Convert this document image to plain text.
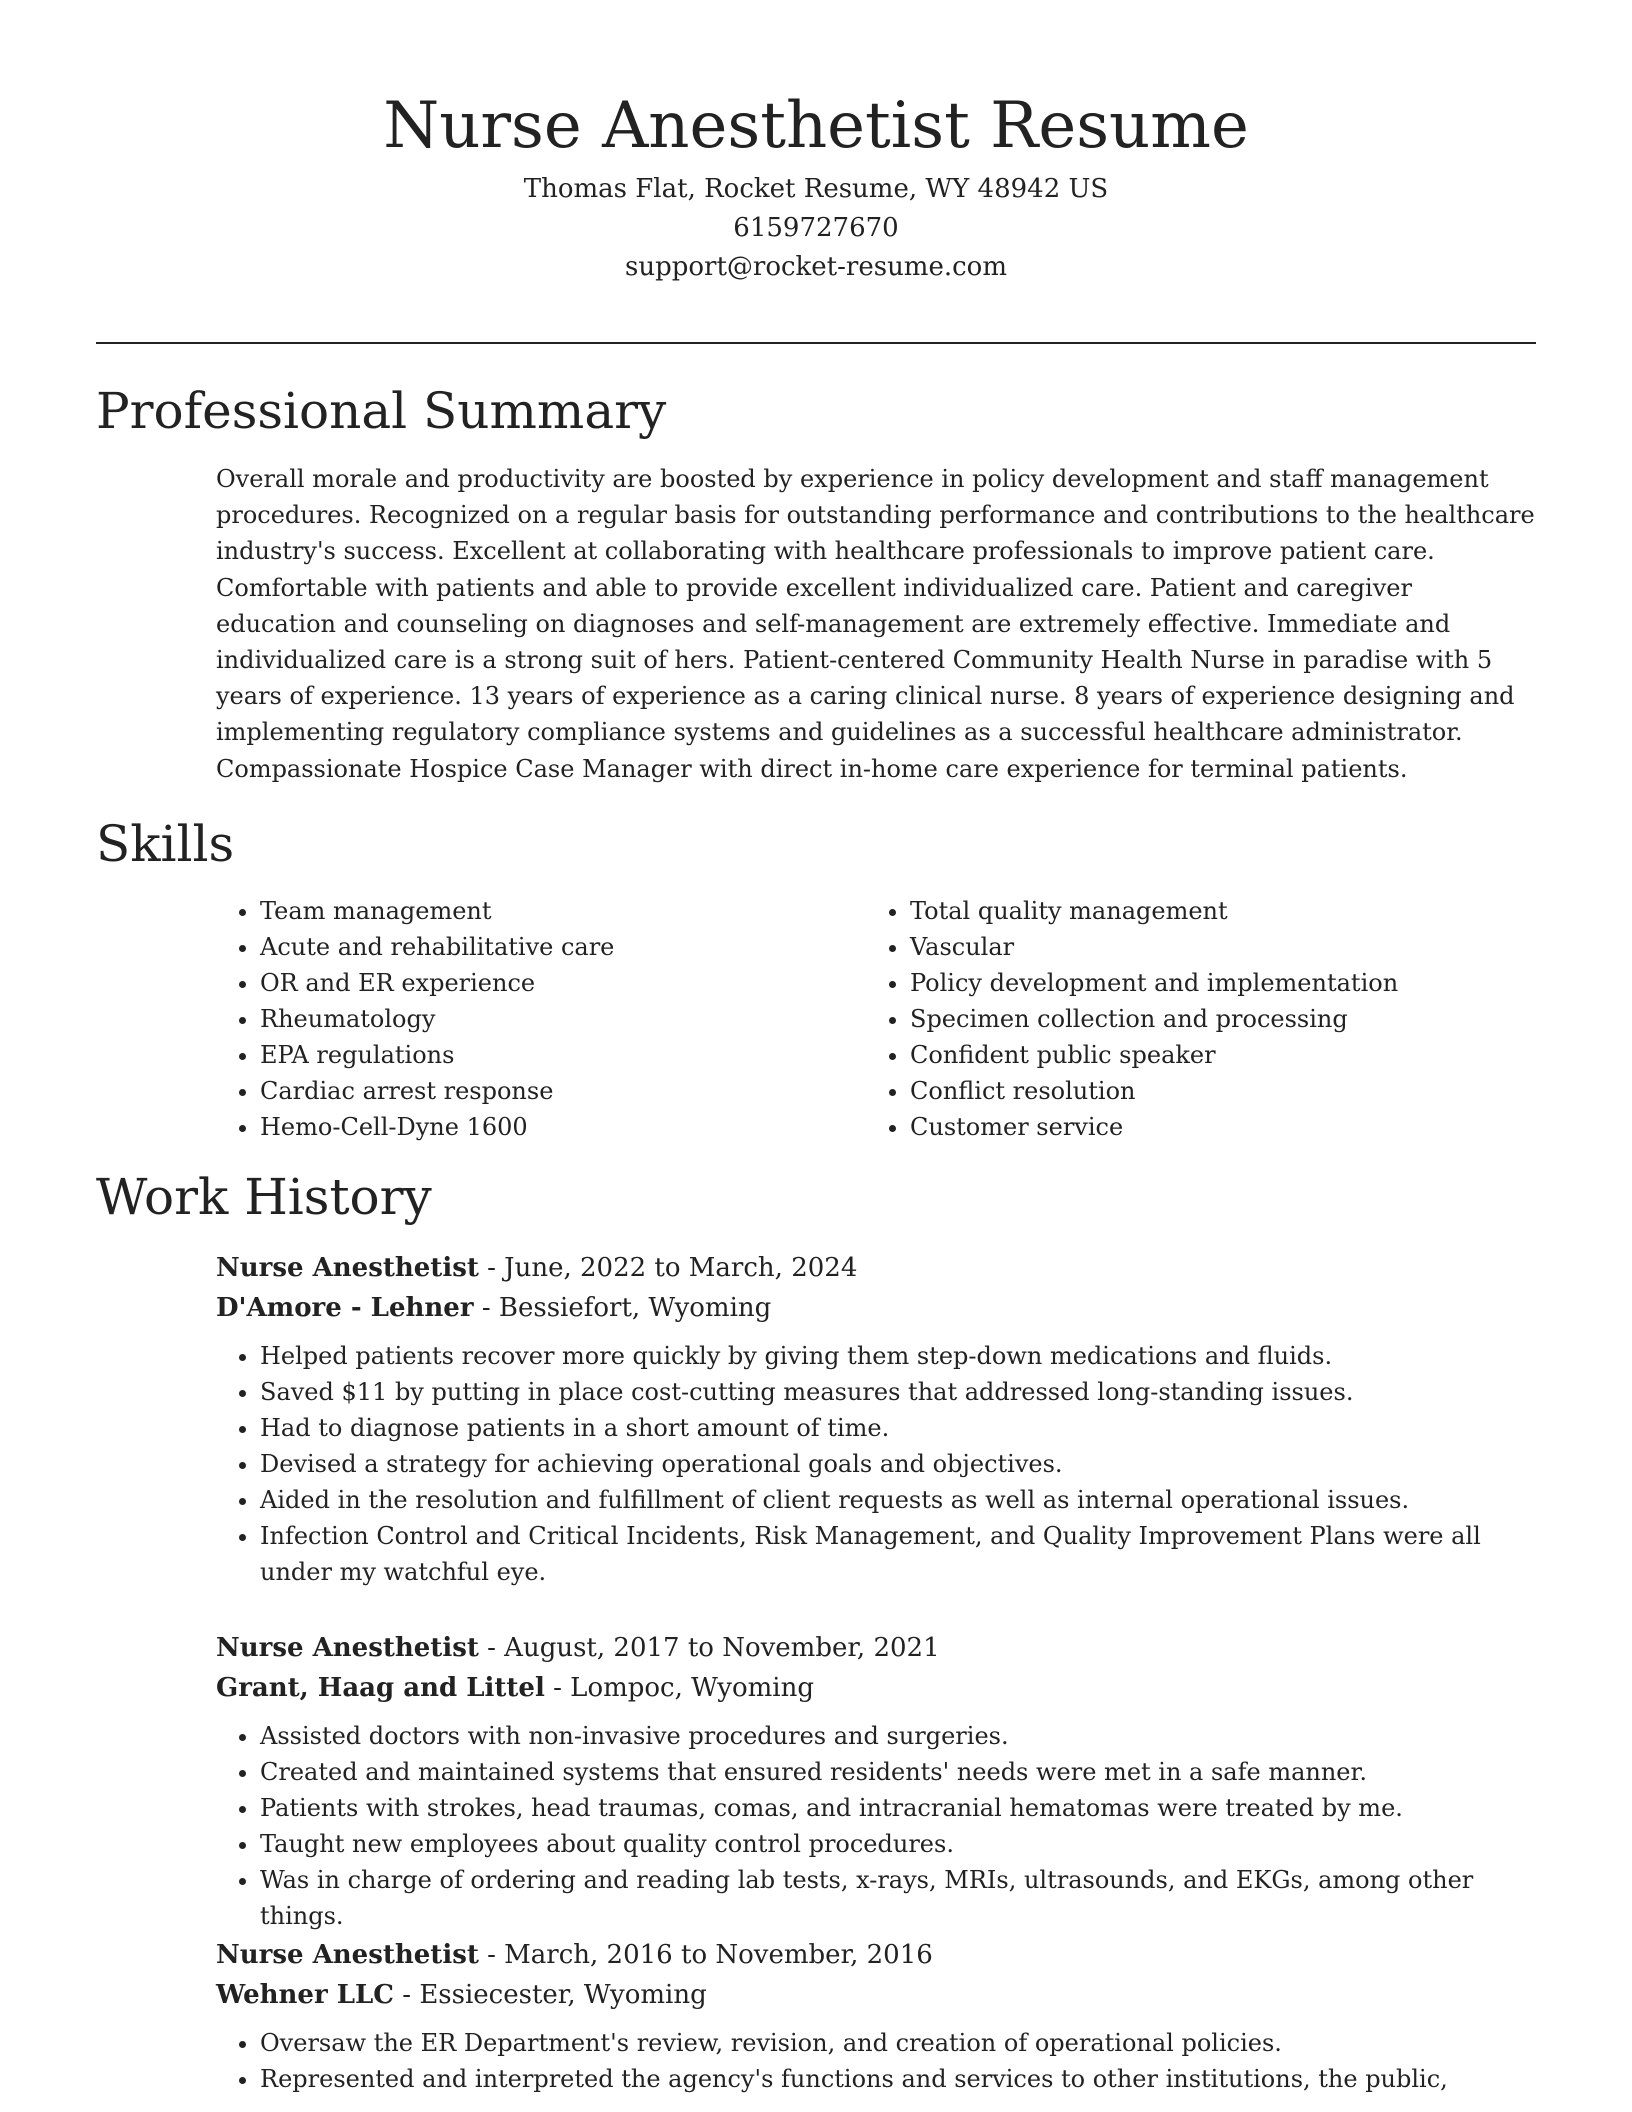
Nurse Anesthetist Resume

Thomas Flat, Rocket Resume, WY 48942 US

6159727670

support@rocket-resume.com

Professional Summary

Overall morale and productivity are boosted by experience in policy development and staff management procedures. Recognized on a regular basis for outstanding performance and contributions to the healthcare industry's success. Excellent at collaborating with healthcare professionals to improve patient care. Comfortable with patients and able to provide excellent individualized care. Patient and caregiver education and counseling on diagnoses and self-management are extremely effective. Immediate and individualized care is a strong suit of hers. Patient-centered Community Health Nurse in paradise with 5 years of experience. 13 years of experience as a caring clinical nurse. 8 years of experience designing and implementing regulatory compliance systems and guidelines as a successful healthcare administrator. Compassionate Hospice Case Manager with direct in-home care experience for terminal patients.

Skills
• Team management
• Acute and rehabilitative care
• OR and ER experience
• Rheumatology
• EPA regulations
• Cardiac arrest response
• Hemo-Cell-Dyne 1600
• Total quality management
• Vascular
• Policy development and implementation
• Specimen collection and processing
• Confident public speaker
• Conflict resolution
• Customer service
Work History

Nurse Anesthetist - June, 2022 to March, 2024

D'Amore - Lehner - Bessiefort, Wyoming

• Helped patients recover more quickly by giving them step-down medications and fluids.
• Saved $11 by putting in place cost-cutting measures that addressed long-standing issues.
• Had to diagnose patients in a short amount of time.
• Devised a strategy for achieving operational goals and objectives.
• Aided in the resolution and fulfillment of client requests as well as internal operational issues.
• Infection Control and Critical Incidents, Risk Management, and Quality Improvement Plans were all under my watchful eye.

Nurse Anesthetist - August, 2017 to November, 2021

Grant, Haag and Littel - Lompoc, Wyoming

• Assisted doctors with non-invasive procedures and surgeries.
• Created and maintained systems that ensured residents' needs were met in a safe manner.
• Patients with strokes, head traumas, comas, and intracranial hematomas were treated by me.
• Taught new employees about quality control procedures.
• Was in charge of ordering and reading lab tests, x-rays, MRIs, ultrasounds, and EKGs, among other things.

Nurse Anesthetist - March, 2016 to November, 2016

Wehner LLC - Essiecester, Wyoming

• Oversaw the ER Department's review, revision, and creation of operational policies.
• Represented and interpreted the agency's functions and services to other institutions, the public,
